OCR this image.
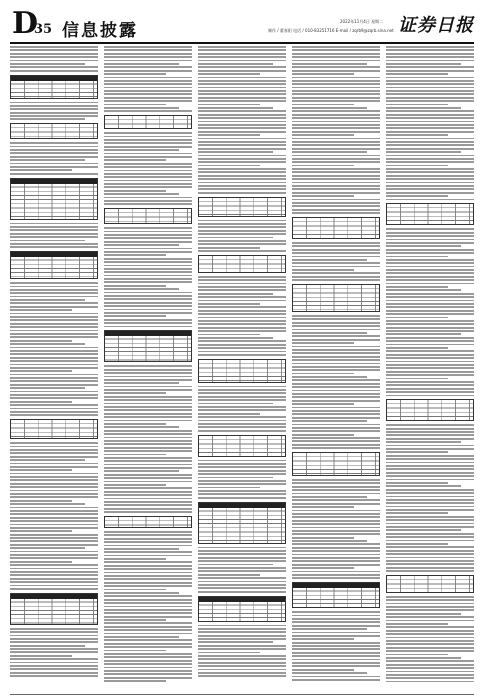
D
35 信息披露	2022年11月4日 星期二
制作 / 董春阳 电话 / 010-83251716 E-mail / zqrb9@zqrb.sina.net 证券日报
